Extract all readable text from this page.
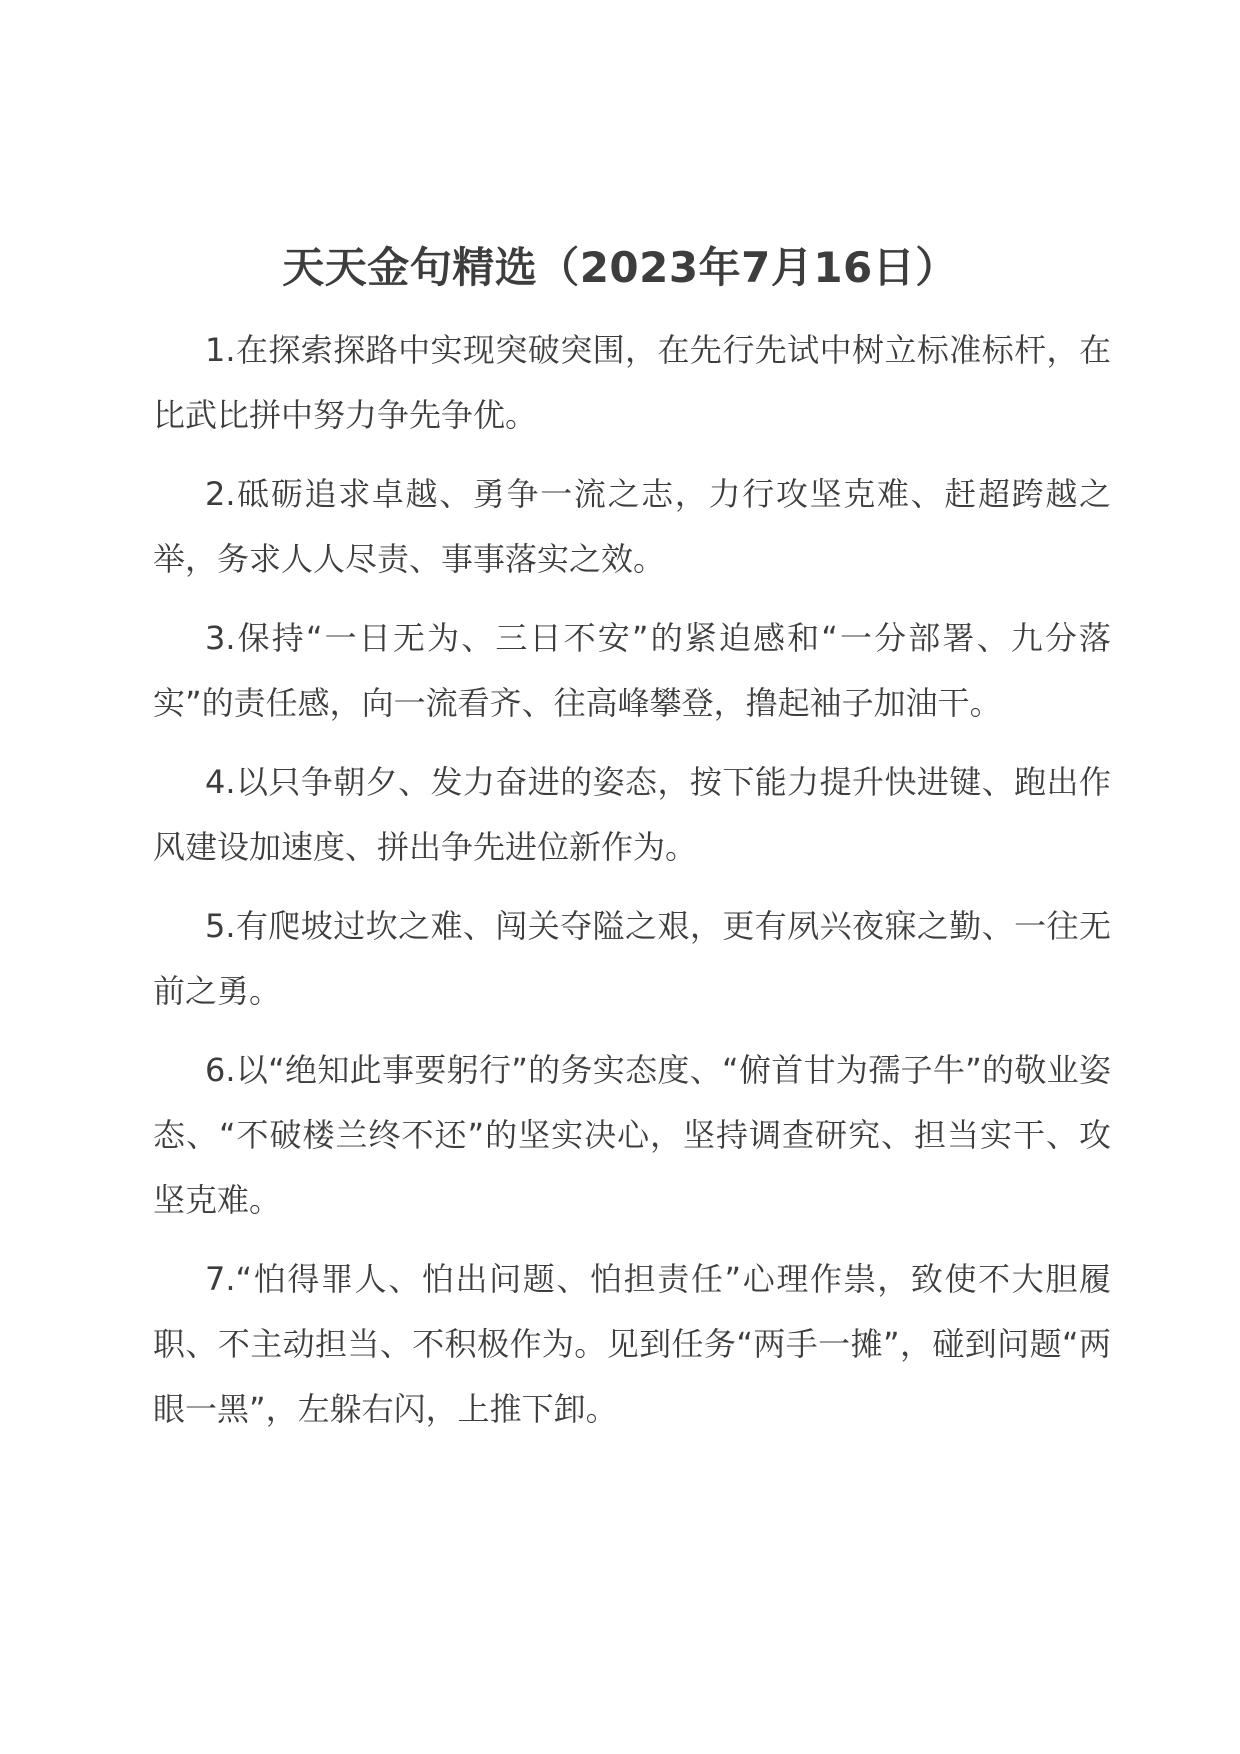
天天金句精选（2023年7月16日）

1.在探索探路中实现突破突围，在先行先试中树立标准标杆，在比武比拼中努力争先争优。

2.砥砺追求卓越、勇争一流之志，力行攻坚克难、赶超跨越之举，务求人人尽责、事事落实之效。

3.保持“一日无为、三日不安”的紧迫感和“一分部署、九分落实”的责任感，向一流看齐、往高峰攀登，撸起袖子加油干。

4.以只争朝夕、发力奋进的姿态，按下能力提升快进键、跑出作风建设加速度、拼出争先进位新作为。

5.有爬坡过坎之难、闯关夺隘之艰，更有夙兴夜寐之勤、一往无前之勇。

6.以“绝知此事要躬行”的务实态度、“俯首甘为孺子牛”的敬业姿态、“不破楼兰终不还”的坚实决心，坚持调查研究、担当实干、攻坚克难。

7.“怕得罪人、怕出问题、怕担责任”心理作祟，致使不大胆履职、不主动担当、不积极作为。见到任务“两手一摊”，碰到问题“两眼一黑”，左躲右闪，上推下卸。
